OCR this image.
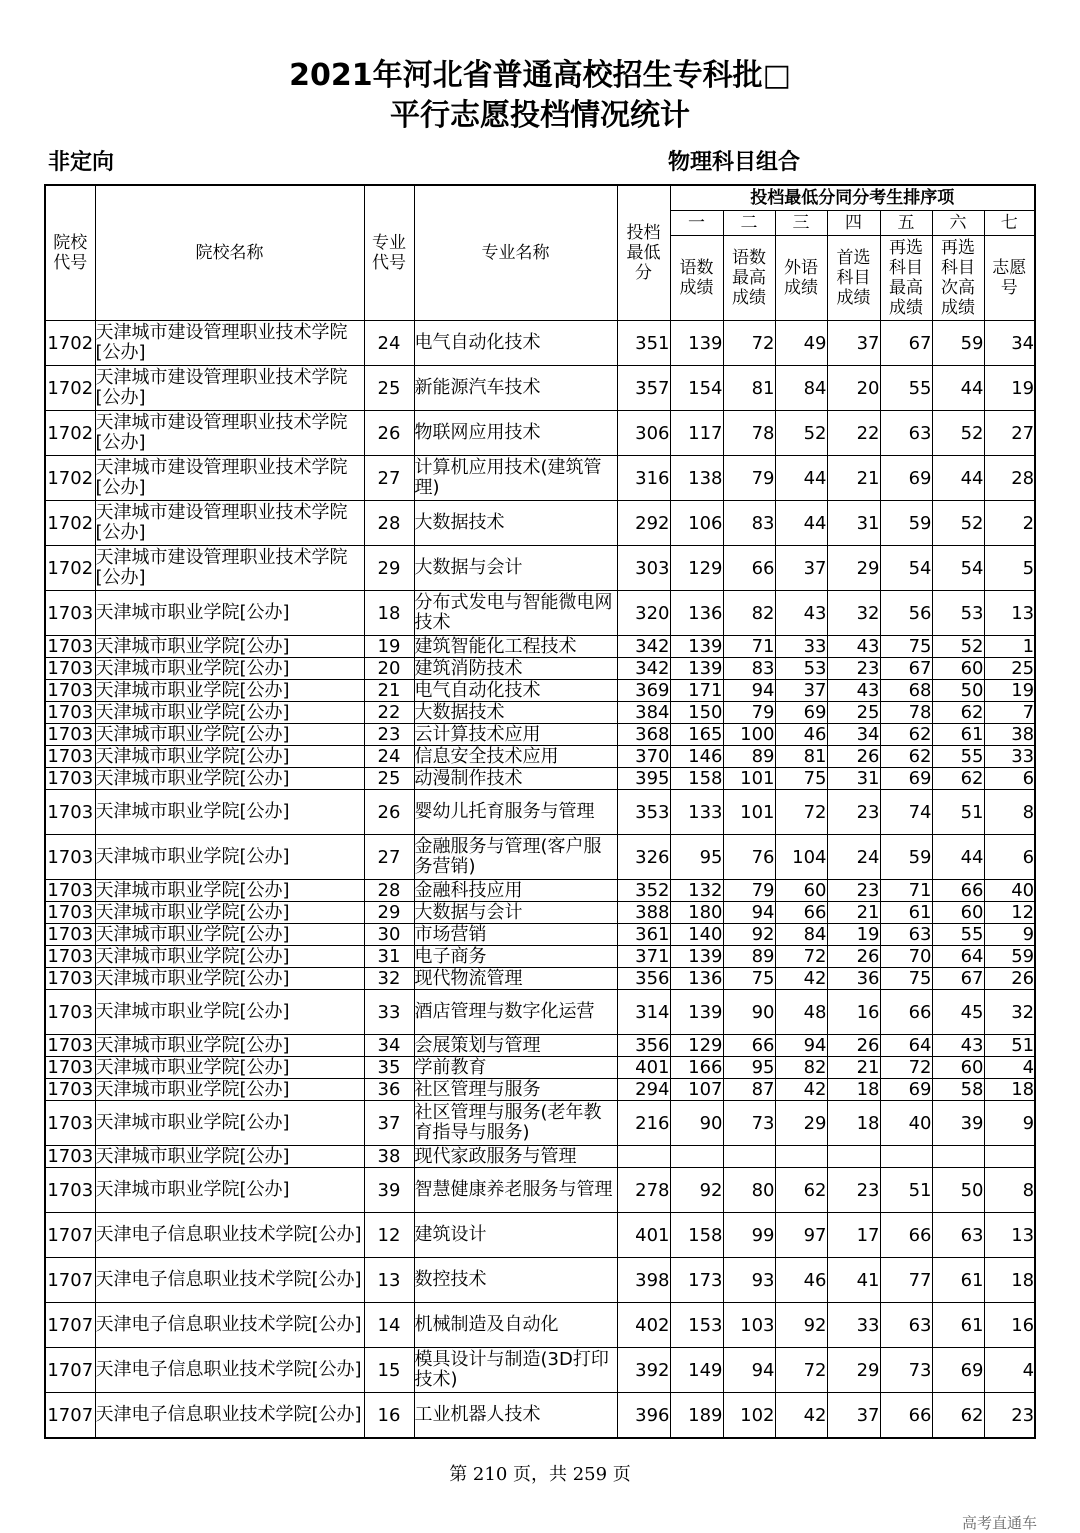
2021年河北省普通高校招生专科批□
平行志愿投档情况统计
非定向	物理科目组合
院校代号	院校名称	专业代号	专业名称	投档最低分	投档最低分同分考生排序项						
					一	二	三	四	五	六	七
					语数成绩	语数最高成绩	外语成绩	首选科目成绩	再选科目最高成绩	再选科目次高成绩	志愿号
1702	天津城市建设管理职业技术学院[公办]	24	电气自动化技术	351	139	72	49	37	67	59	34
1702	天津城市建设管理职业技术学院[公办]	25	新能源汽车技术	357	154	81	84	20	55	44	19
1702	天津城市建设管理职业技术学院[公办]	26	物联网应用技术	306	117	78	52	22	63	52	27
1702	天津城市建设管理职业技术学院[公办]	27	计算机应用技术(建筑管理)	316	138	79	44	21	69	44	28
1702	天津城市建设管理职业技术学院[公办]	28	大数据技术	292	106	83	44	31	59	52	2
1702	天津城市建设管理职业技术学院[公办]	29	大数据与会计	303	129	66	37	29	54	54	5
1703	天津城市职业学院[公办]	18	分布式发电与智能微电网技术	320	136	82	43	32	56	53	13
1703	天津城市职业学院[公办]	19	建筑智能化工程技术	342	139	71	33	43	75	52	1
1703	天津城市职业学院[公办]	20	建筑消防技术	342	139	83	53	23	67	60	25
1703	天津城市职业学院[公办]	21	电气自动化技术	369	171	94	37	43	68	50	19
1703	天津城市职业学院[公办]	22	大数据技术	384	150	79	69	25	78	62	7
1703	天津城市职业学院[公办]	23	云计算技术应用	368	165	100	46	34	62	61	38
1703	天津城市职业学院[公办]	24	信息安全技术应用	370	146	89	81	26	62	55	33
1703	天津城市职业学院[公办]	25	动漫制作技术	395	158	101	75	31	69	62	6
1703	天津城市职业学院[公办]	26	婴幼儿托育服务与管理	353	133	101	72	23	74	51	8
1703	天津城市职业学院[公办]	27	金融服务与管理(客户服务营销)	326	95	76	104	24	59	44	6
1703	天津城市职业学院[公办]	28	金融科技应用	352	132	79	60	23	71	66	40
1703	天津城市职业学院[公办]	29	大数据与会计	388	180	94	66	21	61	60	12
1703	天津城市职业学院[公办]	30	市场营销	361	140	92	84	19	63	55	9
1703	天津城市职业学院[公办]	31	电子商务	371	139	89	72	26	70	64	59
1703	天津城市职业学院[公办]	32	现代物流管理	356	136	75	42	36	75	67	26
1703	天津城市职业学院[公办]	33	酒店管理与数字化运营	314	139	90	48	16	66	45	32
1703	天津城市职业学院[公办]	34	会展策划与管理	356	129	66	94	26	64	43	51
1703	天津城市职业学院[公办]	35	学前教育	401	166	95	82	21	72	60	4
1703	天津城市职业学院[公办]	36	社区管理与服务	294	107	87	42	18	69	58	18
1703	天津城市职业学院[公办]	37	社区管理与服务(老年教育指导与服务)	216	90	73	29	18	40	39	9
1703	天津城市职业学院[公办]	38	现代家政服务与管理								
1703	天津城市职业学院[公办]	39	智慧健康养老服务与管理	278	92	80	62	23	51	50	8
1707	天津电子信息职业技术学院[公办]	12	建筑设计	401	158	99	97	17	66	63	13
1707	天津电子信息职业技术学院[公办]	13	数控技术	398	173	93	46	41	77	61	18
1707	天津电子信息职业技术学院[公办]	14	机械制造及自动化	402	153	103	92	33	63	61	16
1707	天津电子信息职业技术学院[公办]	15	模具设计与制造(3D打印技术)	392	149	94	72	29	73	69	4
1707	天津电子信息职业技术学院[公办]	16	工业机器人技术	396	189	102	42	37	66	62	23
第 210 页，共 259 页
高考直通车
